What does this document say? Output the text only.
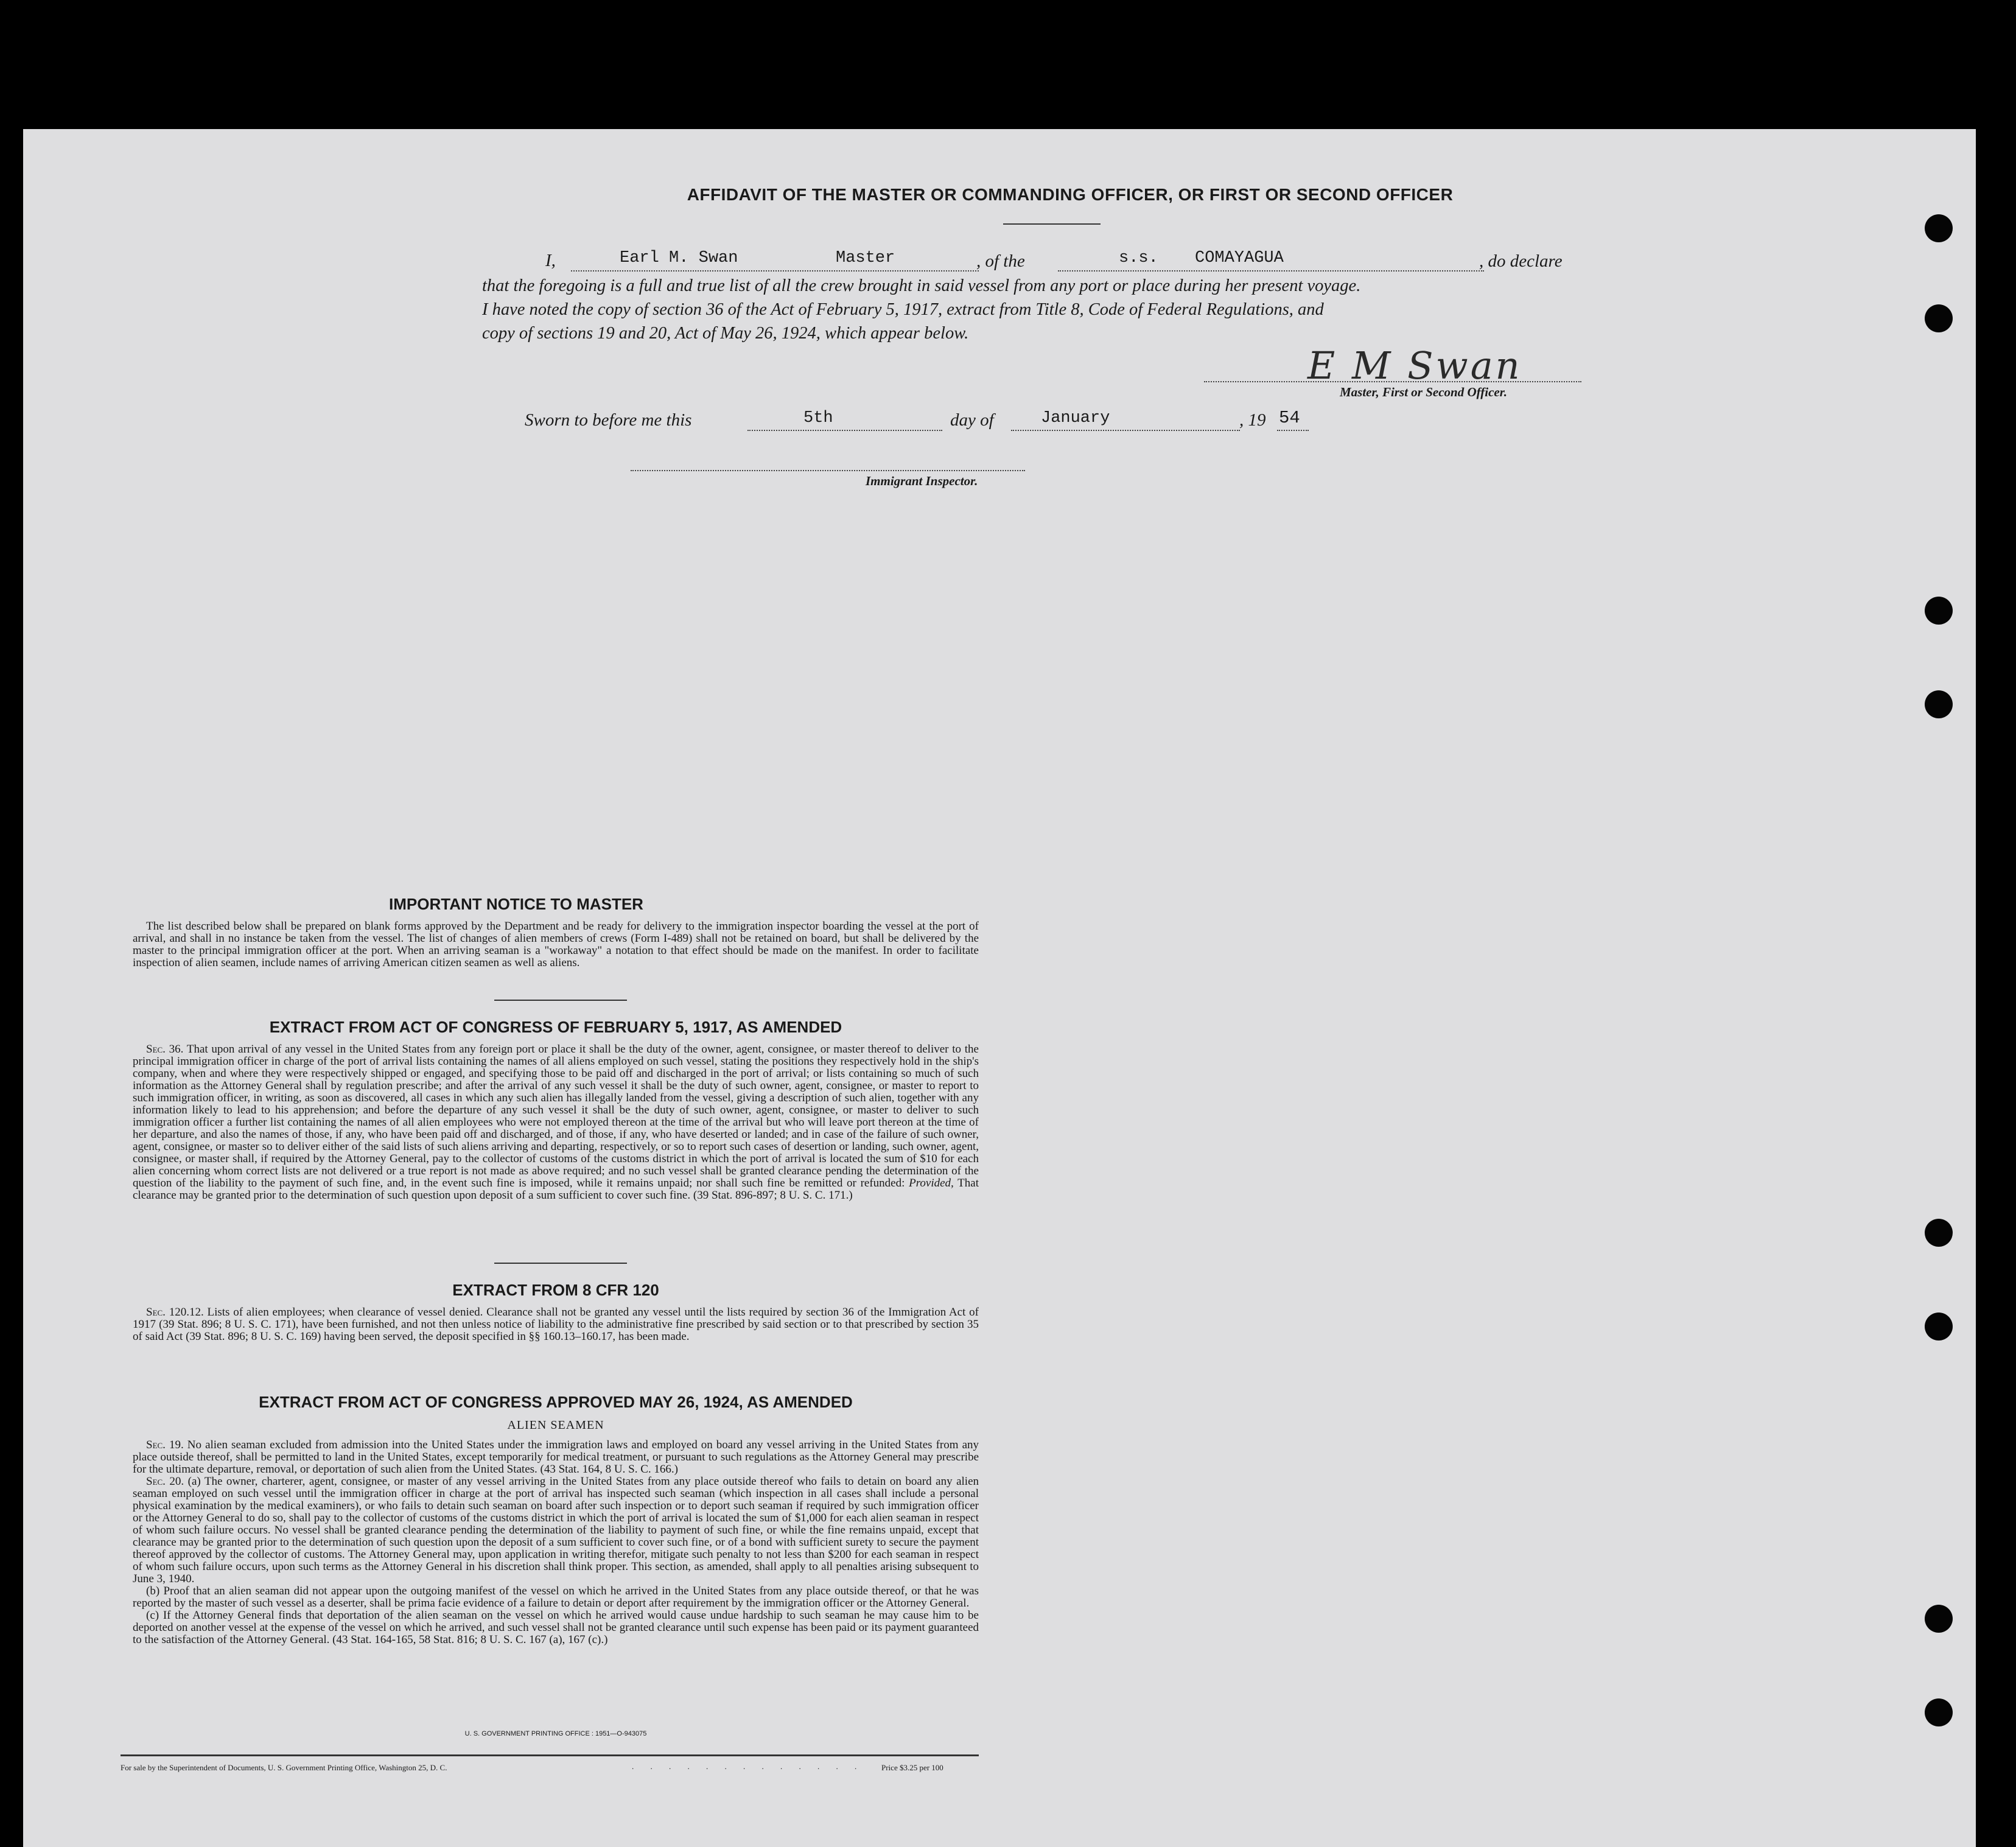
AFFIDAVIT OF THE MASTER OR COMMANDING OFFICER, OR FIRST OR SECOND OFFICER
I,	Earl M. Swan	Master	, of the	s.s. COMAYAGUA	, do declare
that the foregoing is a full and true list of all the crew brought in said vessel from any port or place during her present voyage.
I have noted the copy of section 36 of the Act of February 5, 1917, extract from Title 8, Code of Federal Regulations, and
copy of sections 19 and 20, Act of May 26, 1924, which appear below.
E M Swan
Master, First or Second Officer.
Sworn to before me this	5th	day of	January	, 19 54
Immigrant Inspector.
IMPORTANT NOTICE TO MASTER

The list described below shall be prepared on blank forms approved by the Department and be ready for delivery to the immigration inspector boarding the vessel at the port of arrival, and shall in no instance be taken from the vessel. The list of changes of alien members of crews (Form I-489) shall not be retained on board, but shall be delivered by the master to the principal immigration officer at the port. When an arriving seaman is a "workaway" a notation to that effect should be made on the manifest. In order to facilitate inspection of alien seamen, include names of arriving American citizen seamen as well as aliens.

EXTRACT FROM ACT OF CONGRESS OF FEBRUARY 5, 1917, AS AMENDED

Sec. 36. That upon arrival of any vessel in the United States from any foreign port or place it shall be the duty of the owner, agent, consignee, or master thereof to deliver to the principal immigration officer in charge of the port of arrival lists containing the names of all aliens employed on such vessel, stating the positions they respectively hold in the ship's company, when and where they were respectively shipped or engaged, and specifying those to be paid off and discharged in the port of arrival; or lists containing so much of such information as the Attorney General shall by regulation prescribe; and after the arrival of any such vessel it shall be the duty of such owner, agent, consignee, or master to report to such immigration officer, in writing, as soon as discovered, all cases in which any such alien has illegally landed from the vessel, giving a description of such alien, together with any information likely to lead to his apprehension; and before the departure of any such vessel it shall be the duty of such owner, agent, consignee, or master to deliver to such immigration officer a further list containing the names of all alien employees who were not employed thereon at the time of the arrival but who will leave port thereon at the time of her departure, and also the names of those, if any, who have been paid off and discharged, and of those, if any, who have deserted or landed; and in case of the failure of such owner, agent, consignee, or master so to deliver either of the said lists of such aliens arriving and departing, respectively, or so to report such cases of desertion or landing, such owner, agent, consignee, or master shall, if required by the Attorney General, pay to the collector of customs of the customs district in which the port of arrival is located the sum of $10 for each alien concerning whom correct lists are not delivered or a true report is not made as above required; and no such vessel shall be granted clearance pending the determination of the question of the liability to the payment of such fine, and, in the event such fine is imposed, while it remains unpaid; nor shall such fine be remitted or refunded: Provided, That clearance may be granted prior to the determination of such question upon deposit of a sum sufficient to cover such fine. (39 Stat. 896-897; 8 U. S. C. 171.)

EXTRACT FROM 8 CFR 120

Sec. 120.12. Lists of alien employees; when clearance of vessel denied. Clearance shall not be granted any vessel until the lists required by section 36 of the Immigration Act of 1917 (39 Stat. 896; 8 U. S. C. 171), have been furnished, and not then unless notice of liability to the administrative fine prescribed by said section or to that prescribed by section 35 of said Act (39 Stat. 896; 8 U. S. C. 169) having been served, the deposit specified in §§ 160.13–160.17, has been made.

EXTRACT FROM ACT OF CONGRESS APPROVED MAY 26, 1924, AS AMENDED
ALIEN SEAMEN

Sec. 19. No alien seaman excluded from admission into the United States under the immigration laws and employed on board any vessel arriving in the United States from any place outside thereof, shall be permitted to land in the United States, except temporarily for medical treatment, or pursuant to such regulations as the Attorney General may prescribe for the ultimate departure, removal, or deportation of such alien from the United States. (43 Stat. 164, 8 U. S. C. 166.)

Sec. 20. (a) The owner, charterer, agent, consignee, or master of any vessel arriving in the United States from any place outside thereof who fails to detain on board any alien seaman employed on such vessel until the immigration officer in charge at the port of arrival has inspected such seaman (which inspection in all cases shall include a personal physical examination by the medical examiners), or who fails to detain such seaman on board after such inspection or to deport such seaman if required by such immigration officer or the Attorney General to do so, shall pay to the collector of customs of the customs district in which the port of arrival is located the sum of $1,000 for each alien seaman in respect of whom such failure occurs. No vessel shall be granted clearance pending the determination of the liability to payment of such fine, or while the fine remains unpaid, except that clearance may be granted prior to the determination of such question upon the deposit of a sum sufficient to cover such fine, or of a bond with sufficient surety to secure the payment thereof approved by the collector of customs. The Attorney General may, upon application in writing therefor, mitigate such penalty to not less than $200 for each seaman in respect of whom such failure occurs, upon such terms as the Attorney General in his discretion shall think proper. This section, as amended, shall apply to all penalties arising subsequent to June 3, 1940.

(b) Proof that an alien seaman did not appear upon the outgoing manifest of the vessel on which he arrived in the United States from any place outside thereof, or that he was reported by the master of such vessel as a deserter, shall be prima facie evidence of a failure to detain or deport after requirement by the immigration officer or the Attorney General.

(c) If the Attorney General finds that deportation of the alien seaman on the vessel on which he arrived would cause undue hardship to such seaman he may cause him to be deported on another vessel at the expense of the vessel on which he arrived, and such vessel shall not be granted clearance until such expense has been paid or its payment guaranteed to the satisfaction of the Attorney General. (43 Stat. 164-165, 58 Stat. 816; 8 U. S. C. 167 (a), 167 (c).)

U. S. GOVERNMENT PRINTING OFFICE : 1951—O-943075
For sale by the Superintendent of Documents, U. S. Government Printing Office, Washington 25, D. C.	. . . . . . . . . . . . . Price $3.25 per 100
